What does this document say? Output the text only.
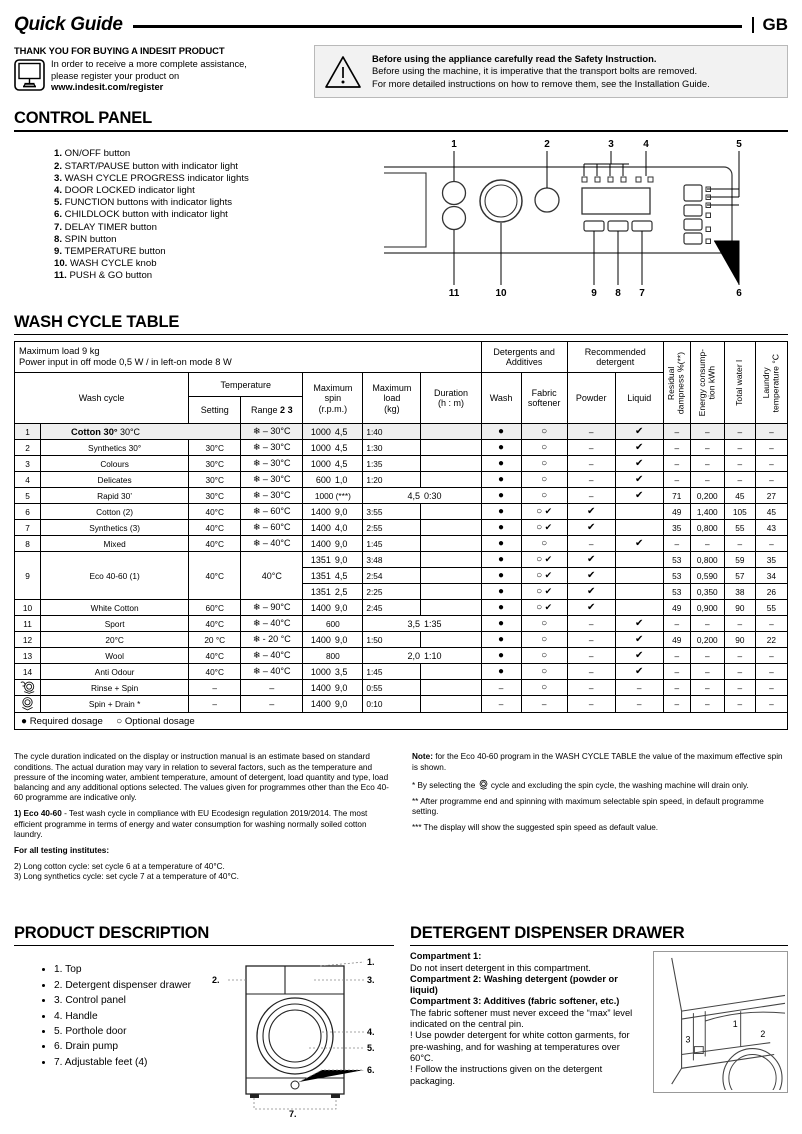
Quick Guide	GB
THANK YOU FOR BUYING A INDESIT PRODUCT
In order to receive a more complete assistance,
please register your product on
www.indesit.com/register
Before using the appliance carefully read the Safety Instruction.
Before using the machine, it is imperative that the transport bolts are removed.
For more detailed instructions on how to remove them, see the Installation Guide.
CONTROL PANEL
1. ON/OFF button
2. START/PAUSE button with indicator light
3. WASH CYCLE PROGRESS indicator lights
4. DOOR LOCKED indicator light
5. FUNCTION buttons with indicator lights
6. CHILDLOCK button with indicator light
7. DELAY TIMER button
8. SPIN button
9. TEMPERATURE button
10. WASH CYCLE knob
11. PUSH & GO button
1	2	3	4	5
11	10	9 8 7	6
WASH CYCLE TABLE
Maximum load 9 kg
Power input in off mode 0,5 W / in left-on mode 8 W							Detergents and
Additives		Recommended
detergent		Residual
dampness %(**)	Energy consump-
tion kWh	Total water l	Laundry
temperature °C

Wash cycle		Temperature		Maximum
spin
(r.p.m.)	Maximum
load
(kg)	Duration
(h : m)	Wash	Fabric
softener	Powder	Liquid				
		Setting	Range 2 3											
1	Cotton 30° 30°C		❄ – 30°C	1000 4,5	1:40		●	○	–	✔	–	–	–	–
2	Synthetics 30°	30°C	❄ – 30°C	1000 4,5	1:30		●	○	–	✔	–	–	–	–
3	Colours	30°C	❄ – 30°C	1000 4,5	1:35		●	○	–	✔	–	–	–	–
4	Delicates	30°C	❄ – 30°C	600 1,0	1:20		●	○	–	✔	–	–	–	–
5	Rapid 30’	30°C	❄ – 30°C	1000 (***)	4,5 0:30		●	○	–	✔	71	0,200	45	27
6	Cotton (2)	40°C	❄ – 60°C	1400 9,0	3:55		●	○ ✔	✔		49	1,400	105	45
7	Synthetics (3)	40°C	❄ – 60°C	1400 4,0	2:55		●	○ ✔	✔		35	0,800	55	43
8	Mixed	40°C	❄ – 40°C	1400 9,0	1:45		●	○	–	✔	–	–	–	–
9	Eco 40-60 (1)	40°C	40°C	1351 9,0	3:48		●	○ ✔	✔		53	0,800	59	35

				1351 4,5	2:54		●	○ ✔	✔		53	0,590	57	34

				1351 2,5	2:25		●	○ ✔	✔		53	0,350	38	26
10	White Cotton	60°C	❄ – 90°C	1400 9,0	2:45		●	○ ✔	✔		49	0,900	90	55
11	Sport	40°C	❄ – 40°C	600	3,5 1:35		●	○	–	✔	–	–	–	–
12	20°C	20 °C	❄ - 20 °C	1400 9,0	1:50		●	○	–	✔	49	0,200	90	22
13	Wool	40°C	❄ – 40°C	800	2,0 1:10		●	○	–	✔	–	–	–	–
14	Anti Odour	40°C	❄ – 40°C	1000 3,5	1:45		●	○	–	✔	–	–	–	–

	Rinse + Spin	–	–	1400 9,0	0:55		–	○	–	–	–	–	–	–

	Spin + Drain *	–	–	1400 9,0	0:10		–	–	–	–	–	–	–	–
● Required dosage ○ Optional dosage

The cycle duration indicated on the display or instruction manual is an estimate based on standard conditions. The actual duration may vary in relation to several factors, such as the temperature and pressure of the incoming water, ambient temperature, amount of detergent, load quantity and type, load balancing and any additional options selected. The values given for programmes other than the Eco 40-60 programme are indicative only.

1) Eco 40-60 - Test wash cycle in compliance with EU Ecodesign regulation 2019/2014. The most efficient programme in terms of energy and water consumption for washing normally soiled cotton laundry.

For all testing institutes:

2) Long cotton cycle: set cycle 6 at a temperature of 40°C.

3) Long synthetics cycle: set cycle 7 at a temperature of 40°C.

Note: for the Eco 40-60 program in the WASH CYCLE TABLE the value of the maximum effective spin is shown.

* By selecting the  cycle and excluding the spin cycle, the washing machine will drain only.

** After programme end and spinning with maximum selectable spin speed, in default programme setting.

*** The display will show the suggested spin speed as default value.

PRODUCT DESCRIPTION
• 1. Top
• 2. Detergent dispenser drawer
• 3. Control panel
• 4. Handle
• 5. Porthole door
• 6. Drain pump
• 7. Adjustable feet (4)
1.
2.	3.
4.
5.
6.
7.
DETERGENT DISPENSER DRAWER
Compartment 1:
Do not insert detergent in this compartment.
Compartment 2: Washing detergent (powder or liquid)
Compartment 3: Additives (fabric softener, etc.)
The fabric softener must never exceed the “max” level indicated on the central pin.
! Use powder detergent for white cotton garments, for pre-washing, and for washing at temperatures over 60°C.
! Follow the instructions given on the detergent packaging.
1
2
3
